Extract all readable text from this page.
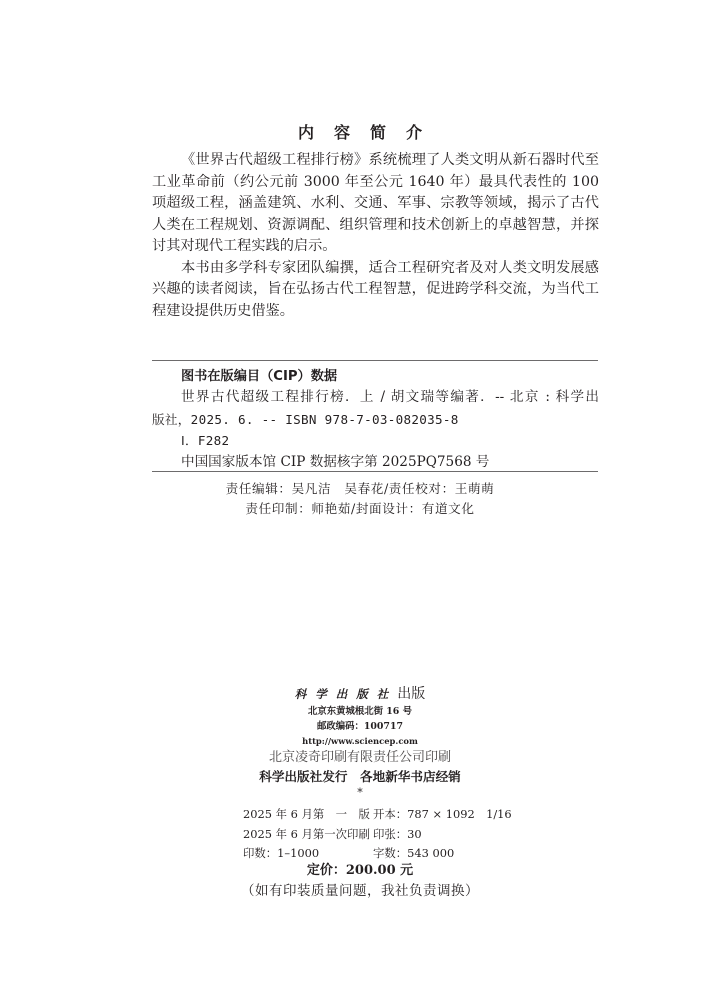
内容简介

《世界古代超级工程排行榜》系统梳理了人类文明从新石器时代至工业革命前（约公元前 3000 年至公元 1640 年）最具代表性的 100 项超级工程，涵盖建筑、水利、交通、军事、宗教等领域，揭示了古代人类在工程规划、资源调配、组织管理和技术创新上的卓越智慧，并探讨其对现代工程实践的启示。

本书由多学科专家团队编撰，适合工程研究者及对人类文明发展感兴趣的读者阅读，旨在弘扬古代工程智慧，促进跨学科交流，为当代工程建设提供历史借鉴。

图书在版编目（CIP）数据
世界古代超级工程排行榜．上 / 胡文瑞等编著．-- 北京 : 科学出
版社，2025. 6. -- ISBN 978-7-03-082035-8
Ⅰ．F282
中国国家版本馆 CIP 数据核字第 2025PQ7568 号
责任编辑：吴凡洁　吴春花/责任校对：王萌萌
责任印制：师艳茹/封面设计：有道文化
科学出版社出版
北京东黄城根北街 16 号
邮政编码：100717
http://www.sciencep.com
北京凌奇印刷有限责任公司印刷
科学出版社发行　各地新华书店经销
*
2025 年 6 月第　一　版 开本：787 × 1092　1/16
2025 年 6 月第一次印刷 印张：30
印数：1–1000	字数：543 000
定价：200.00 元
（如有印装质量问题，我社负责调换）
